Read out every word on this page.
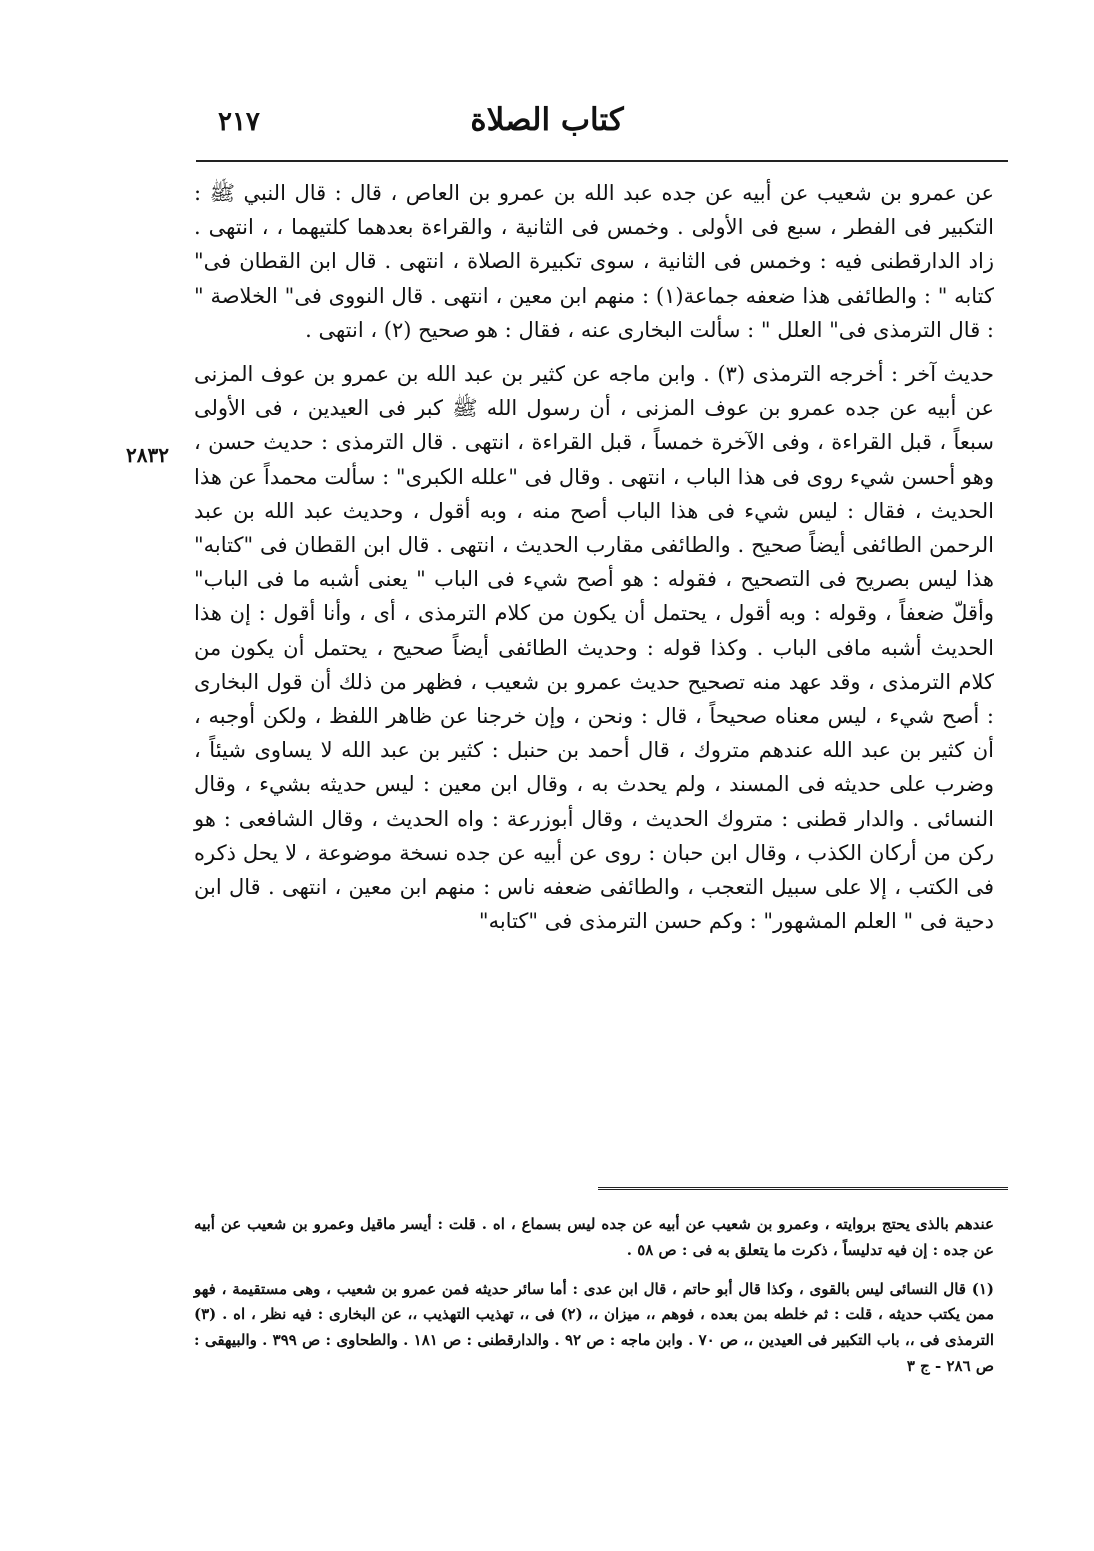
كتاب الصلاة
٢١٧

عن عمرو بن شعيب عن أبيه عن جده عبد الله بن عمرو بن العاص ، قال : قال النبي ﷺ : التكبير فى الفطر ، سبع فى الأولى . وخمس فى الثانية ، والقراءة بعدهما كلتيهما ، ، انتهى . زاد الدارقطنى فيه : وخمس فى الثانية ، سوى تكبيرة الصلاة ، انتهى . قال ابن القطان فى" كتابه " : والطائفى هذا ضعفه جماعة(١) : منهم ابن معين ، انتهى . قال النووى فى" الخلاصة " : قال الترمذى فى" العلل " : سألت البخارى عنه ، فقال : هو صحيح (٢) ، انتهى .

حديث آخر : أخرجه الترمذى (٣) . وابن ماجه عن كثير بن عبد الله بن عمرو بن عوف المزنى عن أبيه عن جده عمرو بن عوف المزنى ، أن رسول الله ﷺ كبر فى العيدين ، فى الأولى سبعاً ، قبل القراءة ، وفى الآخرة خمساً ، قبل القراءة ، انتهى . قال الترمذى : حديث حسن ، وهو أحسن شيء روى فى هذا الباب ، انتهى . وقال فى "علله الكبرى" : سألت محمداً عن هذا الحديث ، فقال : ليس شيء فى هذا الباب أصح منه ، وبه أقول ، وحديث عبد الله بن عبد الرحمن الطائفى أيضاً صحيح . والطائفى مقارب الحديث ، انتهى . قال ابن القطان فى "كتابه" هذا ليس بصريح فى التصحيح ، فقوله : هو أصح شيء فى الباب " يعنى أشبه ما فى الباب" وأقلّ ضعفاً ، وقوله : وبه أقول ، يحتمل أن يكون من كلام الترمذى ، أى ، وأنا أقول : إن هذا الحديث أشبه مافى الباب . وكذا قوله : وحديث الطائفى أيضاً صحيح ، يحتمل أن يكون من كلام الترمذى ، وقد عهد منه تصحيح حديث عمرو بن شعيب ، فظهر من ذلك أن قول البخارى : أصح شيء ، ليس معناه صحيحاً ، قال : ونحن ، وإن خرجنا عن ظاهر اللفظ ، ولكن أوجبه ، أن كثير بن عبد الله عندهم متروك ، قال أحمد بن حنبل : كثير بن عبد الله لا يساوى شيئاً ، وضرب على حديثه فى المسند ، ولم يحدث به ، وقال ابن معين : ليس حديثه بشيء ، وقال النسائى . والدار قطنى : متروك الحديث ، وقال أبوزرعة : واه الحديث ، وقال الشافعى : هو ركن من أركان الكذب ، وقال ابن حبان : روى عن أبيه عن جده نسخة موضوعة ، لا يحل ذكره فى الكتب ، إلا على سبيل التعجب ، والطائفى ضعفه ناس : منهم ابن معين ، انتهى . قال ابن دحية فى " العلم المشهور" : وكم حسن الترمذى فى "كتابه"

٢٨٣٢

عندهم بالذى يحتج بروايته ، وعمرو بن شعيب عن أبيه عن جده ليس بسماع ، اه . قلت : أيسر ماقيل وعمرو بن شعيب عن أبيه عن جده : إن فيه تدليساً ، ذكرت ما يتعلق به فى : ص ٥٨ .

(١) قال النسائى ليس بالقوى ، وكذا قال أبو حاتم ، قال ابن عدى : أما سائر حديثه فمن عمرو بن شعيب ، وهى مستقيمة ، فهو ممن يكتب حديثه ، قلت : ثم خلطه بمن بعده ، فوهم ،، ميزان ،، (٢) فى ،، تهذيب التهذيب ،، عن البخارى : فيه نظر ، اه . (٣) الترمذى فى ،، باب التكبير فى العيدين ،، ص ٧٠ . وابن ماجه : ص ٩٢ . والدارقطنى : ص ١٨١ . والطحاوى : ص ٣٩٩ . والبيهقى : ص ٢٨٦ - ج ٣
